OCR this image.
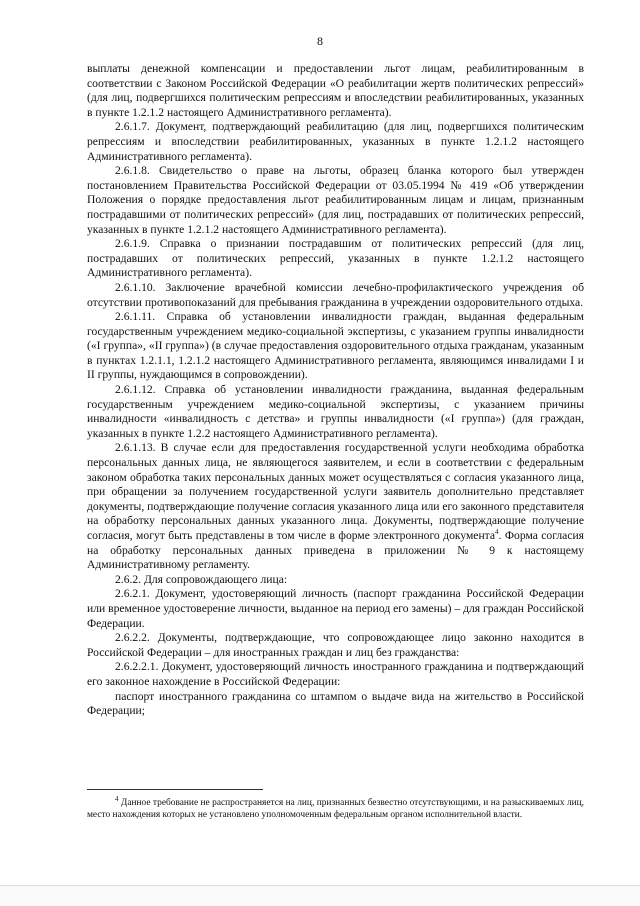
8

выплаты денежной компенсации и предоставлении льгот лицам, реабилитированным в соответствии с Законом Российской Федерации «О реабилитации жертв политических репрессий» (для лиц, подвергшихся политическим репрессиям и впоследствии реабилитированных, указанных в пункте 1.2.1.2 настоящего Административного регламента).

2.6.1.7. Документ, подтверждающий реабилитацию (для лиц, подвергшихся политическим репрессиям и впоследствии реабилитированных, указанных в пункте 1.2.1.2 настоящего Административного регламента).

2.6.1.8. Свидетельство о праве на льготы, образец бланка которого был утвержден постановлением Правительства Российской Федерации от 03.05.1994 № 419 «Об утверждении Положения о порядке предоставления льгот реабилитированным лицам и лицам, признанным пострадавшими от политических репрессий» (для лиц, пострадавших от политических репрессий, указанных в пункте 1.2.1.2 настоящего Административного регламента).

2.6.1.9. Справка о признании пострадавшим от политических репрессий (для лиц, пострадавших от политических репрессий, указанных в пункте 1.2.1.2 настоящего Административного регламента).

2.6.1.10. Заключение врачебной комиссии лечебно-профилактического учреждения об отсутствии противопоказаний для пребывания гражданина в учреждении оздоровительного отдыха.

2.6.1.11. Справка об установлении инвалидности граждан, выданная федеральным государственным учреждением медико-социальной экспертизы, с указанием группы инвалидности («I группа», «II группа») (в случае предоставления оздоровительного отдыха гражданам, указанным в пунктах 1.2.1.1, 1.2.1.2 настоящего Административного регламента, являющимся инвалидами I и II группы, нуждающимся в сопровождении).

2.6.1.12. Справка об установлении инвалидности гражданина, выданная федеральным государственным учреждением медико-социальной экспертизы, с указанием причины инвалидности «инвалидность с детства» и группы инвалидности («I группа») (для граждан, указанных в пункте 1.2.2 настоящего Административного регламента).

2.6.1.13. В случае если для предоставления государственной услуги необходима обработка персональных данных лица, не являющегося заявителем, и если в соответствии с федеральным законом обработка таких персональных данных может осуществляться с согласия указанного лица, при обращении за получением государственной услуги заявитель дополнительно представляет документы, подтверждающие получение согласия указанного лица или его законного представителя на обработку персональных данных указанного лица. Документы, подтверждающие получение согласия, могут быть представлены в том числе в форме электронного документа$^4$. Форма согласия на обработку персональных данных приведена в приложении № 9 к настоящему Административному регламенту.

2.6.2. Для сопровождающего лица:

2.6.2.1. Документ, удостоверяющий личность (паспорт гражданина Российской Федерации или временное удостоверение личности, выданное на период его замены) – для граждан Российской Федерации.

2.6.2.2. Документы, подтверждающие, что сопровождающее лицо законно находится в Российской Федерации – для иностранных граждан и лиц без гражданства:

2.6.2.2.1. Документ, удостоверяющий личность иностранного гражданина и подтверждающий его законное нахождение в Российской Федерации:

паспорт иностранного гражданина со штампом о выдаче вида на жительство в Российской Федерации;

$^4$ Данное требование не распространяется на лиц, признанных безвестно отсутствующими, и на разыскиваемых лиц, место нахождения которых не установлено уполномоченным федеральным органом исполнительной власти.
